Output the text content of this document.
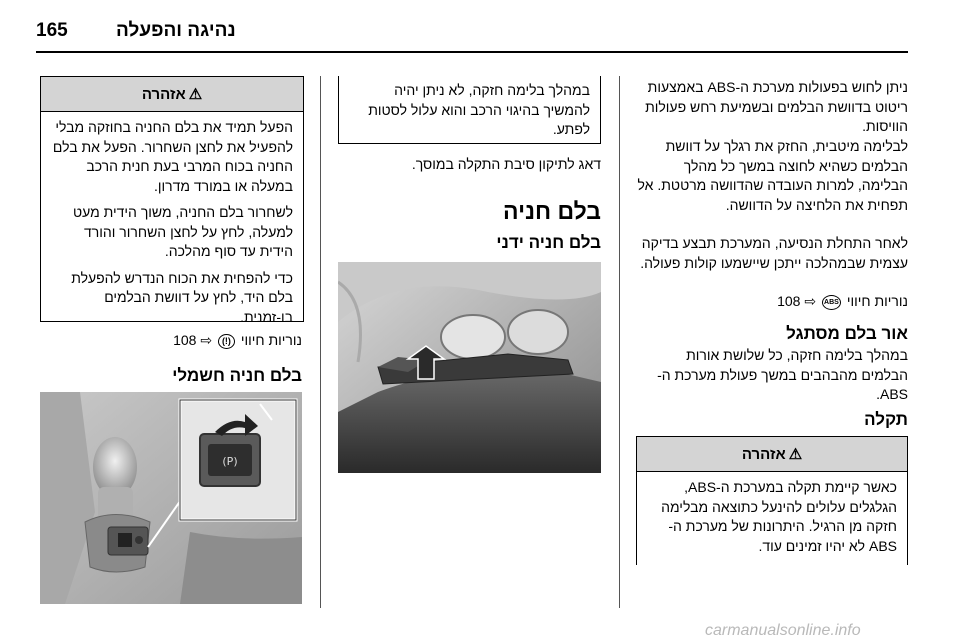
165	נהיגה והפעלה
ניתן לחוש בפעולות מערכת ה-ABS באמצעות ריטוט בדוושת הבלמים ובשמיעת רחש פעולות הוויסות.
לבלימה מיטבית, החזק את רגלך על דוושת הבלמים כשהיא לחוצה במשך כל מהלך הבלימה, למרות העובדה שהדוושה מרטטת. אל תפחית את הלחיצה על הדוושה.
לאחר התחלת הנסיעה, המערכת תבצע בדיקה עצמית שבמהלכה ייתכן שיישמעו קולות פעולה.
נוריות חיווי ABS ⇨ 108
אור בלם מסתגל
במהלך בלימה חזקה, כל שלושת אורות הבלמים מהבהבים במשך פעולת מערכת ה-ABS.
תקלה
⚠
אזהרה
כאשר קיימת תקלה במערכת ה-ABS, הגלגלים עלולים להינעל כתוצאה מבלימה חזקה מן הרגיל. היתרונות של מערכת ה-ABS לא יהיו זמינים עוד.
במהלך בלימה חזקה, לא ניתן יהיה להמשיך בהיגוי הרכב והוא עלול לסטות לפתע.
דאג לתיקון סיבת התקלה במוסך.
בלם חניה
בלם חניה ידני
⚠
אזהרה

הפעל תמיד את בלם החניה בחוזקה מבלי להפעיל את לחצן השחרור. הפעל את בלם החניה בכוח המרבי בעת חנית הרכב במעלה או במורד מדרון.

לשחרור בלם החניה, משוך הידית מעט למעלה, לחץ על לחצן השחרור והורד הידית עד סוף מהלכה.

כדי להפחית את הכוח הנדרש להפעלת בלם היד, לחץ על דוושת הבלמים בו-זמנית.

נוריות חיווי (!) ⇨ 108
בלם חניה חשמלי
(P)
carmanualsonline.info
